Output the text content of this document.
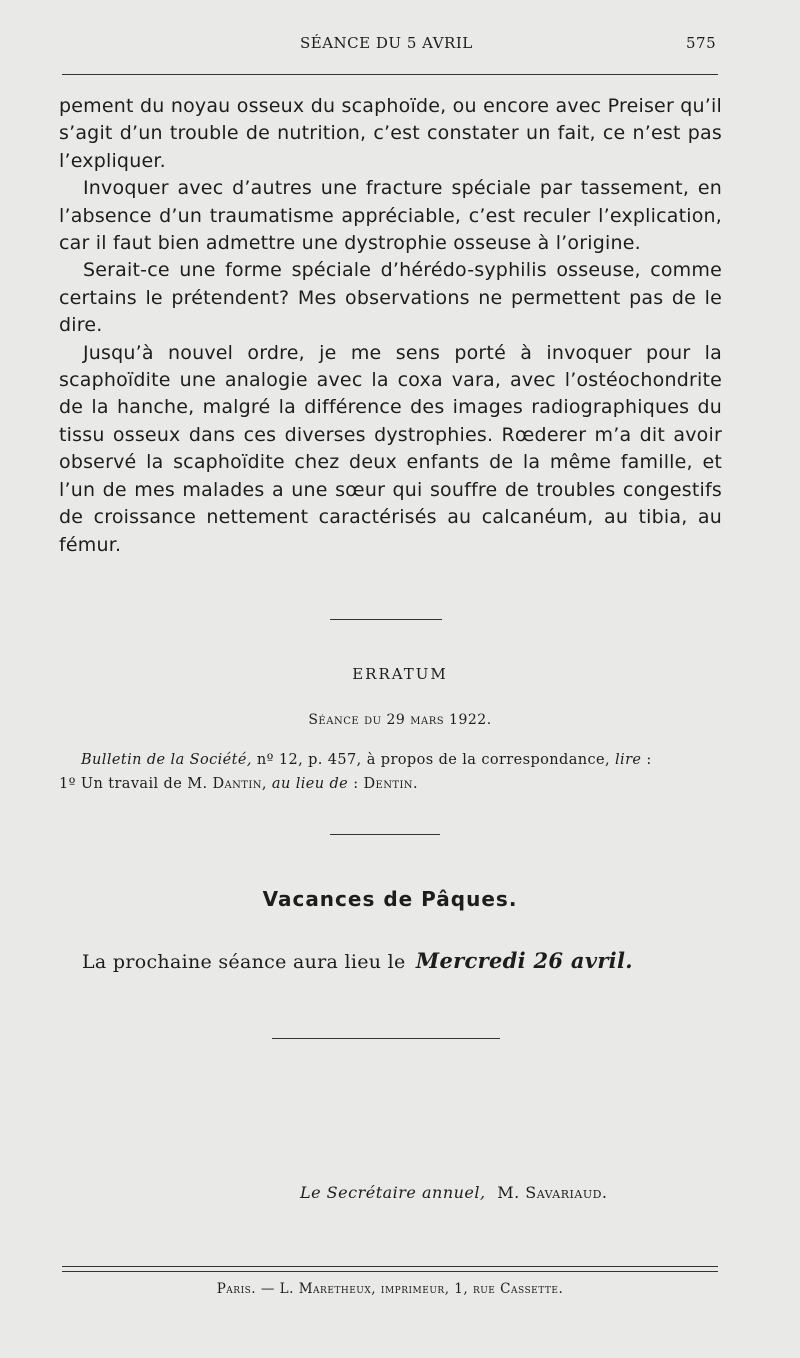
SÉANCE DU 5 AVRIL	575

pement du noyau osseux du scaphoïde, ou encore avec Preiser qu’il s’agit d’un trouble de nutrition, c’est constater un fait, ce n’est pas l’expliquer.

Invoquer avec d’autres une fracture spéciale par tassement, en l’absence d’un traumatisme appréciable, c’est reculer l’explication, car il faut bien admettre une dystrophie osseuse à l’origine.

Serait-ce une forme spéciale d’hérédo-syphilis osseuse, comme certains le prétendent? Mes observations ne permettent pas de le dire.

Jusqu’à nouvel ordre, je me sens porté à invoquer pour la scaphoïdite une analogie avec la coxa vara, avec l’ostéochondrite de la hanche, malgré la différence des images radiographiques du tissu osseux dans ces diverses dystrophies. Rœderer m’a dit avoir observé la scaphoïdite chez deux enfants de la même famille, et l’un de mes malades a une sœur qui souffre de troubles congestifs de croissance nettement caractérisés au calcanéum, au tibia, au fémur.

ERRATUM
Séance du 29 mars 1922.
Bulletin de la Société, nº 12, p. 457, à propos de la correspondance, lire :
1º Un travail de M. Dantin, au lieu de : Dentin.
Vacances de Pâques.
La prochaine séance aura lieu le Mercredi 26 avril.
Le Secrétaire annuel, M. Savariaud.
Paris. — L. Maretheux, imprimeur, 1, rue Cassette.
